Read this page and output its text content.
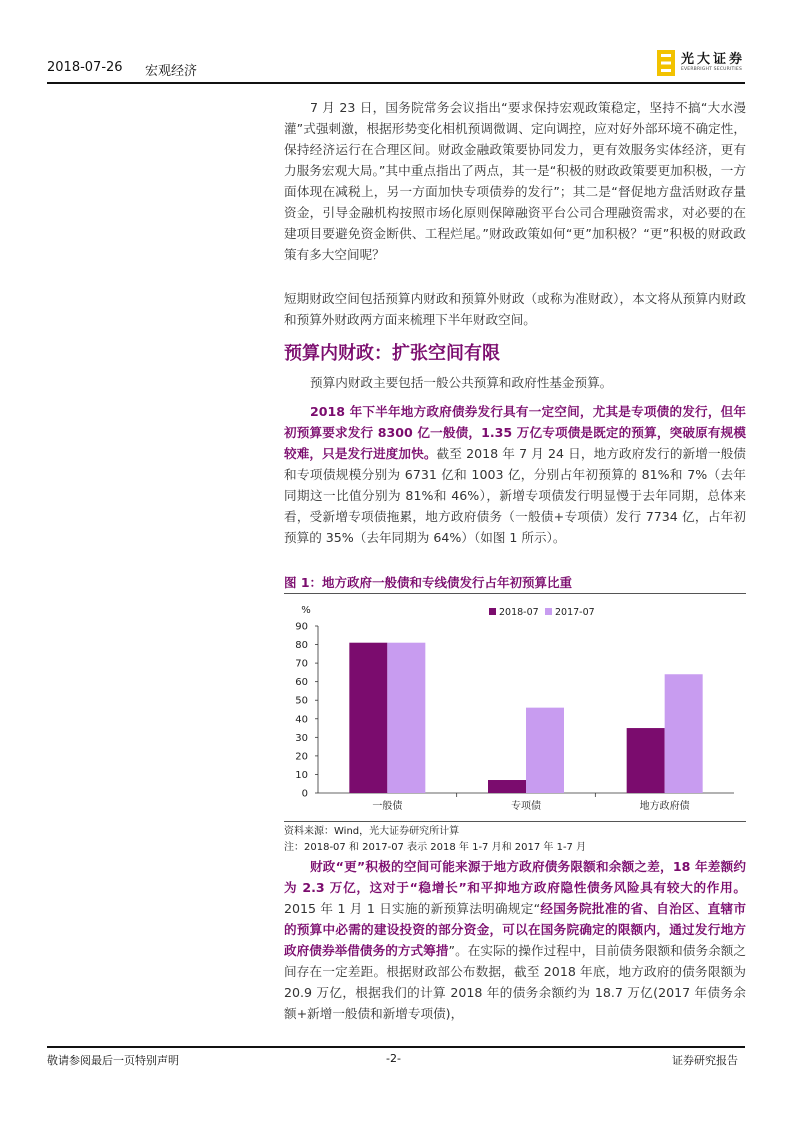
2018-07-26 宏观经济
光大证券
EVERBRIGHT SECURITIES

7 月 23 日，国务院常务会议指出“要求保持宏观政策稳定，坚持不搞“大水漫灌”式强刺激，根据形势变化相机预调微调、定向调控，应对好外部环境不确定性，保持经济运行在合理区间。财政金融政策要协同发力，更有效服务实体经济，更有力服务宏观大局。”其中重点指出了两点，其一是“积极的财政政策要更加积极，一方面体现在减税上，另一方面加快专项债券的发行”；其二是“督促地方盘活财政存量资金，引导金融机构按照市场化原则保障融资平台公司合理融资需求，对必要的在建项目要避免资金断供、工程烂尾。”财政政策如何“更”加积极？“更”积极的财政政策有多大空间呢？

短期财政空间包括预算内财政和预算外财政（或称为准财政），本文将从预算内财政和预算外财政两方面来梳理下半年财政空间。

预算内财政：扩张空间有限

预算内财政主要包括一般公共预算和政府性基金预算。

2018 年下半年地方政府债券发行具有一定空间，尤其是专项债的发行，但年初预算要求发行 8300 亿一般债，1.35 万亿专项债是既定的预算，突破原有规模较难，只是发行进度加快。截至 2018 年 7 月 24 日，地方政府发行的新增一般债和专项债规模分别为 6731 亿和 1003 亿，分别占年初预算的 81%和 7%（去年同期这一比值分别为 81%和 46%），新增专项债发行明显慢于去年同期，总体来看，受新增专项债拖累，地方政府债务（一般债+专项债）发行 7734 亿，占年初预算的 35%（去年同期为 64%）（如图 1 所示）。

图 1：地方政府一般债和专线债发行占年初预算比重
%
0
10
20
30
40
50
60
70
80
90
一般债	专项债	地方政府债
2018-07 2017-07
资料来源：Wind，光大证券研究所计算
注：2018-07 和 2017-07 表示 2018 年 1-7 月和 2017 年 1-7 月

财政“更”积极的空间可能来源于地方政府债务限额和余额之差，18 年差额约为 2.3 万亿，这对于“稳增长”和平抑地方政府隐性债务风险具有较大的作用。2015 年 1 月 1 日实施的新预算法明确规定“经国务院批准的省、自治区、直辖市的预算中必需的建设投资的部分资金，可以在国务院确定的限额内，通过发行地方政府债券举借债务的方式筹措”。在实际的操作过程中，目前债务限额和债务余额之间存在一定差距。根据财政部公布数据，截至 2018 年底，地方政府的债务限额为 20.9 万亿，根据我们的计算 2018 年的债务余额约为 18.7 万亿(2017 年债务余额+新增一般债和新增专项债)，

敬请参阅最后一页特别声明	-2-	证券研究报告
